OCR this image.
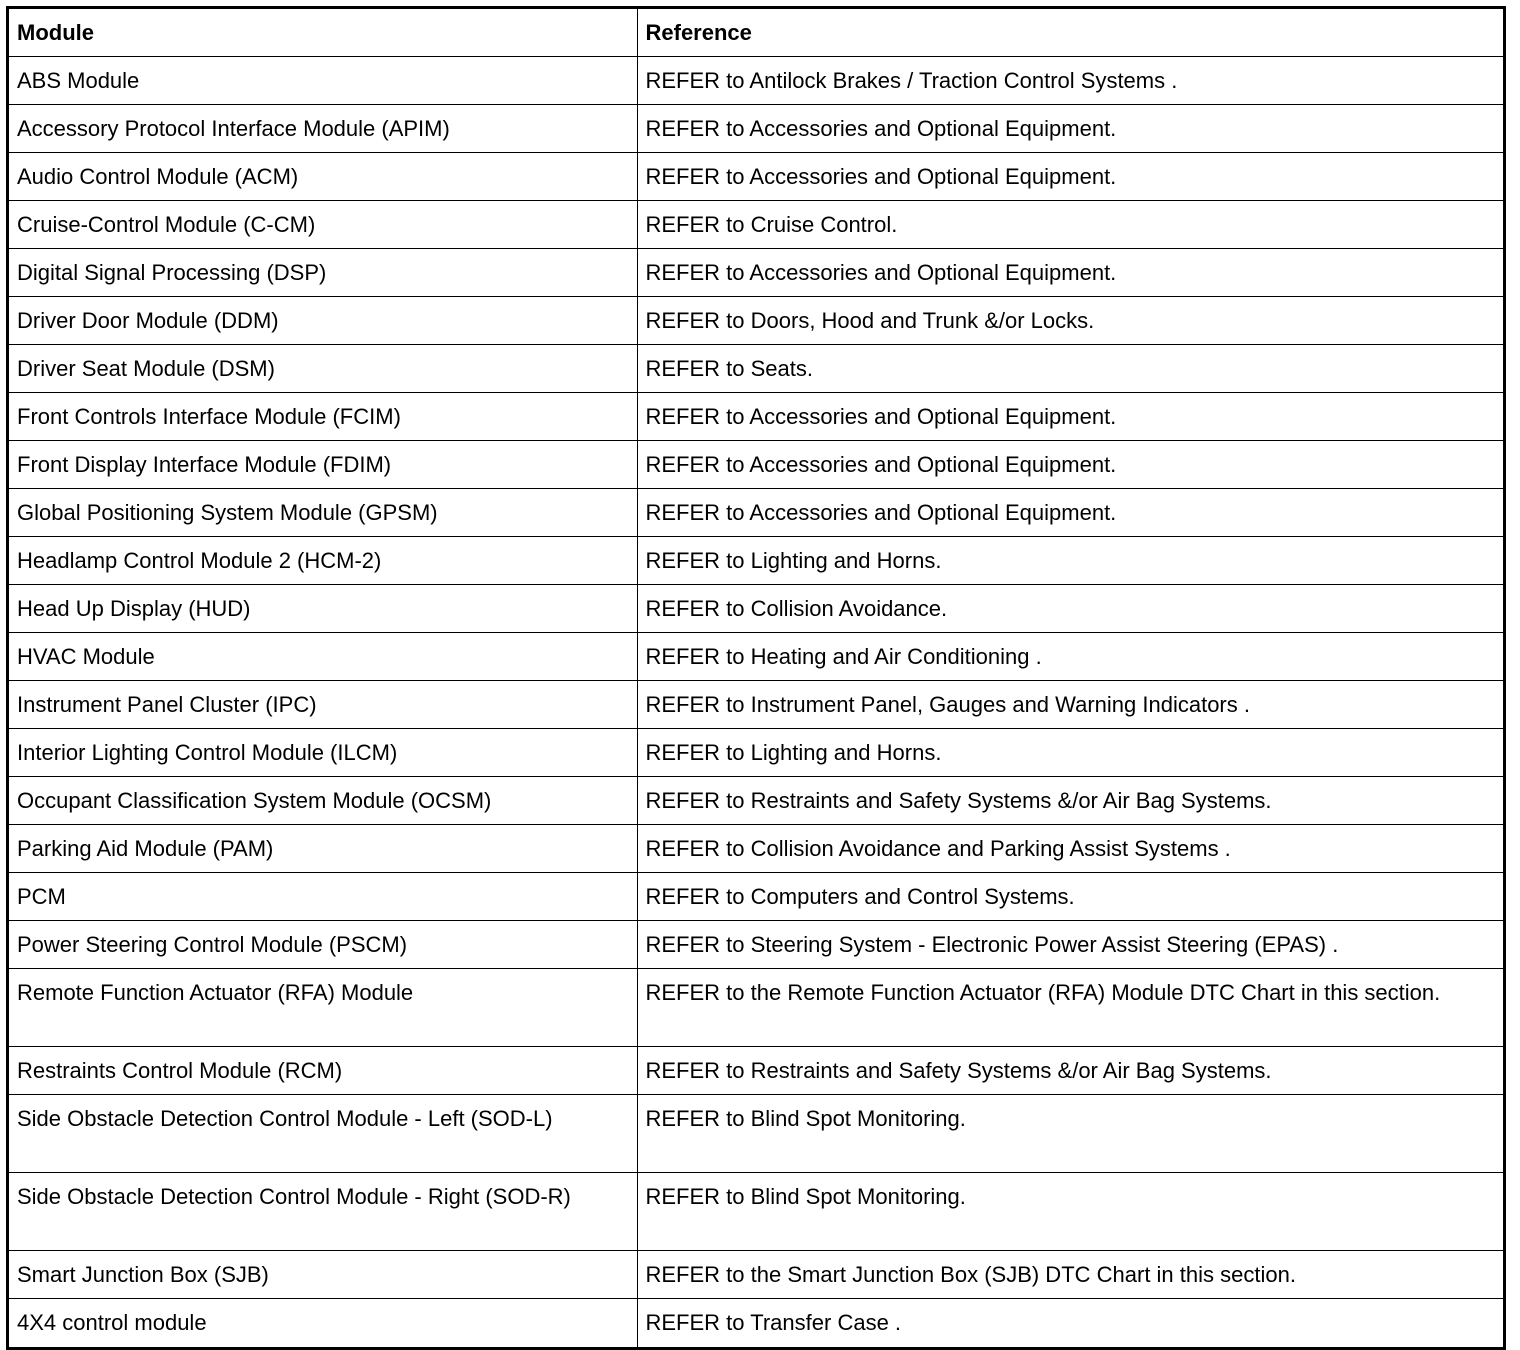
Module	Reference
ABS Module	REFER to Antilock Brakes / Traction Control Systems .
Accessory Protocol Interface Module (APIM)	REFER to Accessories and Optional Equipment.
Audio Control Module (ACM)	REFER to Accessories and Optional Equipment.
Cruise-Control Module (C-CM)	REFER to Cruise Control.
Digital Signal Processing (DSP)	REFER to Accessories and Optional Equipment.
Driver Door Module (DDM)	REFER to Doors, Hood and Trunk &/or Locks.
Driver Seat Module (DSM)	REFER to Seats.
Front Controls Interface Module (FCIM)	REFER to Accessories and Optional Equipment.
Front Display Interface Module (FDIM)	REFER to Accessories and Optional Equipment.
Global Positioning System Module (GPSM)	REFER to Accessories and Optional Equipment.
Headlamp Control Module 2 (HCM-2)	REFER to Lighting and Horns.
Head Up Display (HUD)	REFER to Collision Avoidance.
HVAC Module	REFER to Heating and Air Conditioning .
Instrument Panel Cluster (IPC)	REFER to Instrument Panel, Gauges and Warning Indicators .
Interior Lighting Control Module (ILCM)	REFER to Lighting and Horns.
Occupant Classification System Module (OCSM)	REFER to Restraints and Safety Systems &/or Air Bag Systems.
Parking Aid Module (PAM)	REFER to Collision Avoidance and Parking Assist Systems .
PCM	REFER to Computers and Control Systems.
Power Steering Control Module (PSCM)	REFER to Steering System - Electronic Power Assist Steering (EPAS) .
Remote Function Actuator (RFA) Module	REFER to the Remote Function Actuator (RFA) Module DTC Chart in this section.
Restraints Control Module (RCM)	REFER to Restraints and Safety Systems &/or Air Bag Systems.
Side Obstacle Detection Control Module - Left (SOD-L)	REFER to Blind Spot Monitoring.
Side Obstacle Detection Control Module - Right (SOD-R)	REFER to Blind Spot Monitoring.
Smart Junction Box (SJB)	REFER to the Smart Junction Box (SJB) DTC Chart in this section.
4X4 control module	REFER to Transfer Case .
